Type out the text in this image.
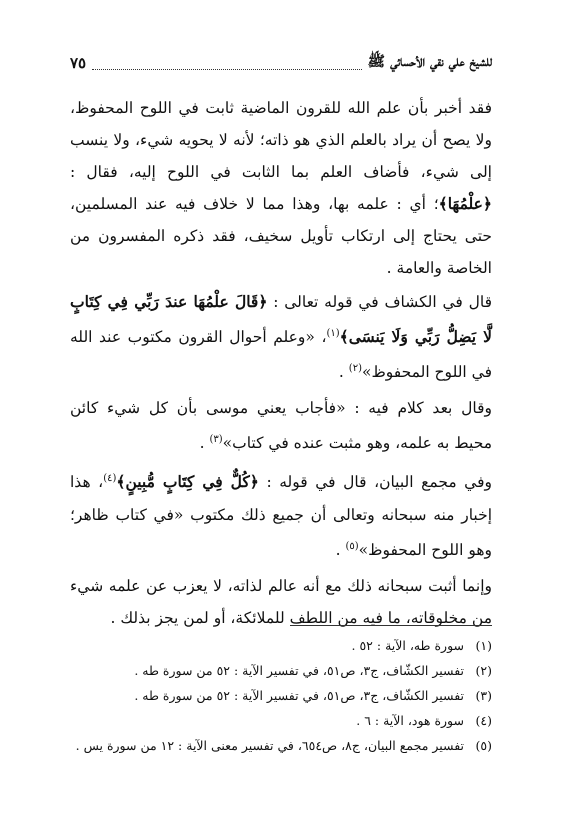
للشيخ علي نقي الأحسائي ﷺ
٧٥

فقد أخبر بأن علم الله للقرون الماضية ثابت في اللوح المحفوظ، ولا يصح أن يراد بالعلم الذي هو ذاته؛ لأنه لا يحويه شيء، ولا ينسب إلى شيء، فأضاف العلم بما الثابت في اللوح إليه، فقال : ﴿علْمُهَا﴾؛ أي : علمه بها، وهذا مما لا خلاف فيه عند المسلمين، حتى يحتاج إلى ارتكاب تأويل سخيف، فقد ذكره المفسرون من الخاصة والعامة .

قال في الكشاف في قوله تعالى : ﴿قَالَ علْمُهَا عندَ رَبِّي فِي كِتَابٍ لَّا يَضِلُّ رَبِّي وَلَا يَنسَى﴾$^{(١)}$، «وعلم أحوال القرون مكتوب عند الله في اللوح المحفوظ»$^{(٢)}$ .

وقال بعد كلام فيه : «فأجاب يعني موسى بأن كل شيء كائن محيط به علمه، وهو مثبت عنده في كتاب»$^{(٣)}$ .

وفي مجمع البيان، قال في قوله : ﴿كُلٌّ فِي كِتَابٍ مُّبِينٍ﴾$^{(٤)}$، هذا إخبار منه سبحانه وتعالى أن جميع ذلك مكتوب «في كتاب ظاهر؛ وهو اللوح المحفوظ»$^{(٥)}$ .

وإنما أثبت سبحانه ذلك مع أنه عالم لذاته، لا يعزب عن علمه شيء من مخلوقاته، ما فيه من اللطف للملائكة، أو لمن يجز بذلك .

(١)سورة طه، الآية : ٥٢ .
(٢)تفسير الكشّاف، ج٣، ص٥١، في تفسير الآية : ٥٢ من سورة طه .
(٣)تفسير الكشّاف، ج٣، ص٥١، في تفسير الآية : ٥٢ من سورة طه .
(٤)سورة هود، الآية : ٦ .
(٥)تفسير مجمع البيان، ج٨، ص٦٥٤، في تفسير معنى الآية : ١٢ من سورة يس .
